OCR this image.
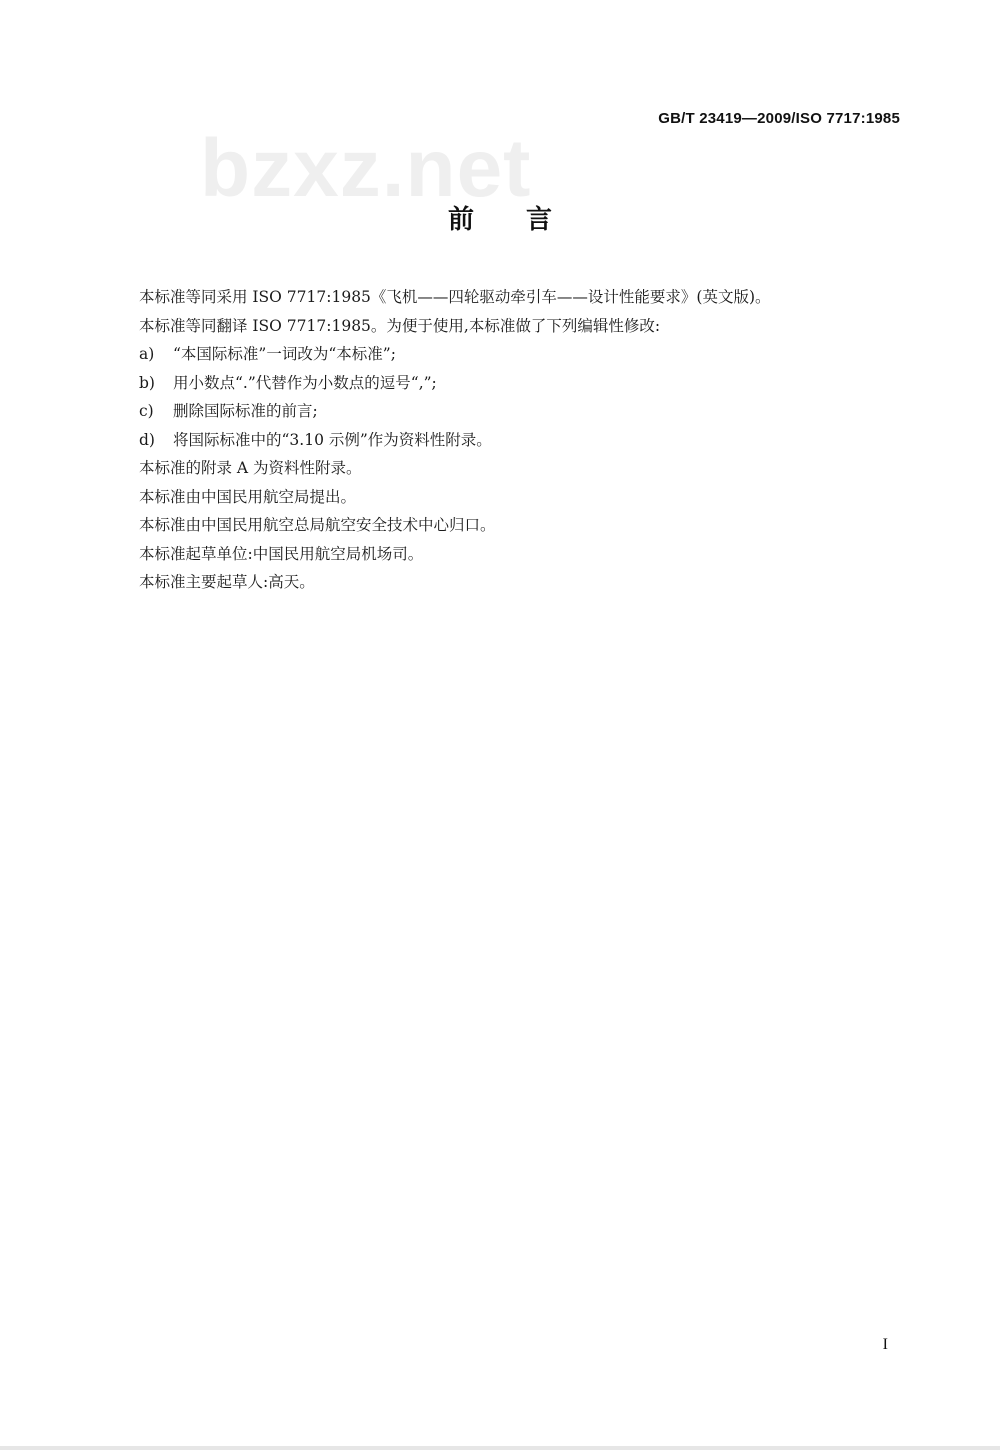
GB/T 23419—2009/ISO 7717:1985
bzxz.net
前言
本标准等同采用 ISO 7717:1985《飞机——四轮驱动牵引车——设计性能要求》(英文版)。
本标准等同翻译 ISO 7717:1985。为便于使用,本标准做了下列编辑性修改:
a) “本国际标准”一词改为“本标准”;
b) 用小数点“.”代替作为小数点的逗号“,”;
c) 删除国际标准的前言;
d) 将国际标准中的“3.10 示例”作为资料性附录。
本标准的附录 A 为资料性附录。
本标准由中国民用航空局提出。
本标准由中国民用航空总局航空安全技术中心归口。
本标准起草单位:中国民用航空局机场司。
本标准主要起草人:高天。
I
